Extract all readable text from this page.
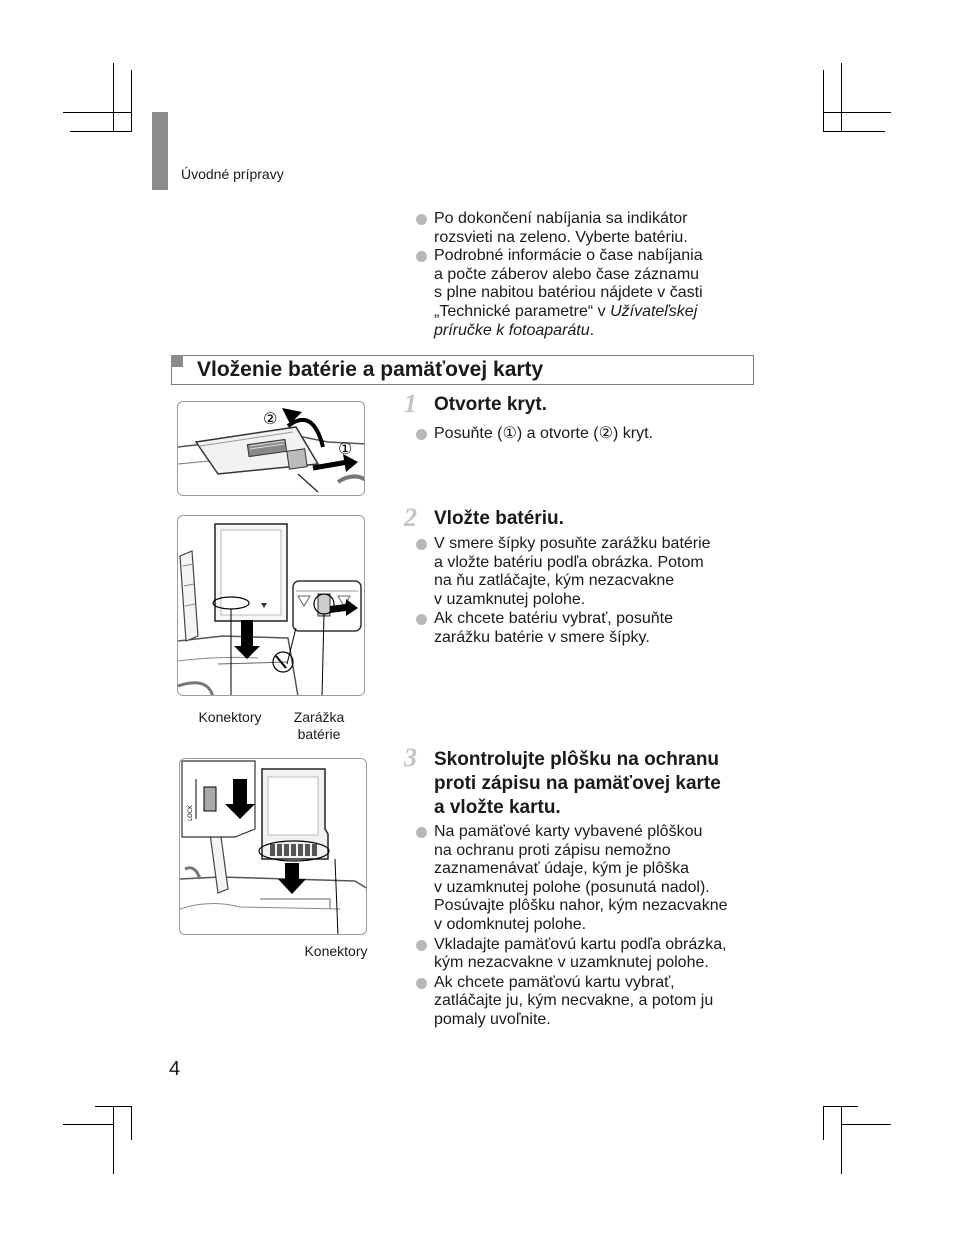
Úvodné prípravy
Po dokončení nabíjania sa indikátor
rozsvieti na zeleno. Vyberte batériu.
Podrobné informácie o čase nabíjania
a počte záberov alebo čase záznamu
s plne nabitou batériou nájdete v časti
„Technické parametre“ v Užívateľskej
príručke k fotoaparátu.
Vloženie batérie a pamäťovej karty
②
①
1 Otvorte kryt.
Posuňte (①) a otvorte (②) kryt.
Konektory	Zarážka
batérie
2 Vložte batériu.
V smere šípky posuňte zarážku batérie
a vložte batériu podľa obrázka. Potom
na ňu zatláčajte, kým nezacvakne
v uzamknutej polohe.
Ak chcete batériu vybrať, posuňte
zarážku batérie v smere šípky.
LOCK
Konektory
3 Skontrolujte plôšku na ochranu
proti zápisu na pamäťovej karte
a vložte kartu.
Na pamäťové karty vybavené plôškou
na ochranu proti zápisu nemožno
zaznamenávať údaje, kým je plôška
v uzamknutej polohe (posunutá nadol).
Posúvajte plôšku nahor, kým nezacvakne
v odomknutej polohe.
Vkladajte pamäťovú kartu podľa obrázka,
kým nezacvakne v uzamknutej polohe.
Ak chcete pamäťovú kartu vybrať,
zatláčajte ju, kým necvakne, a potom ju
pomaly uvoľnite.
4
